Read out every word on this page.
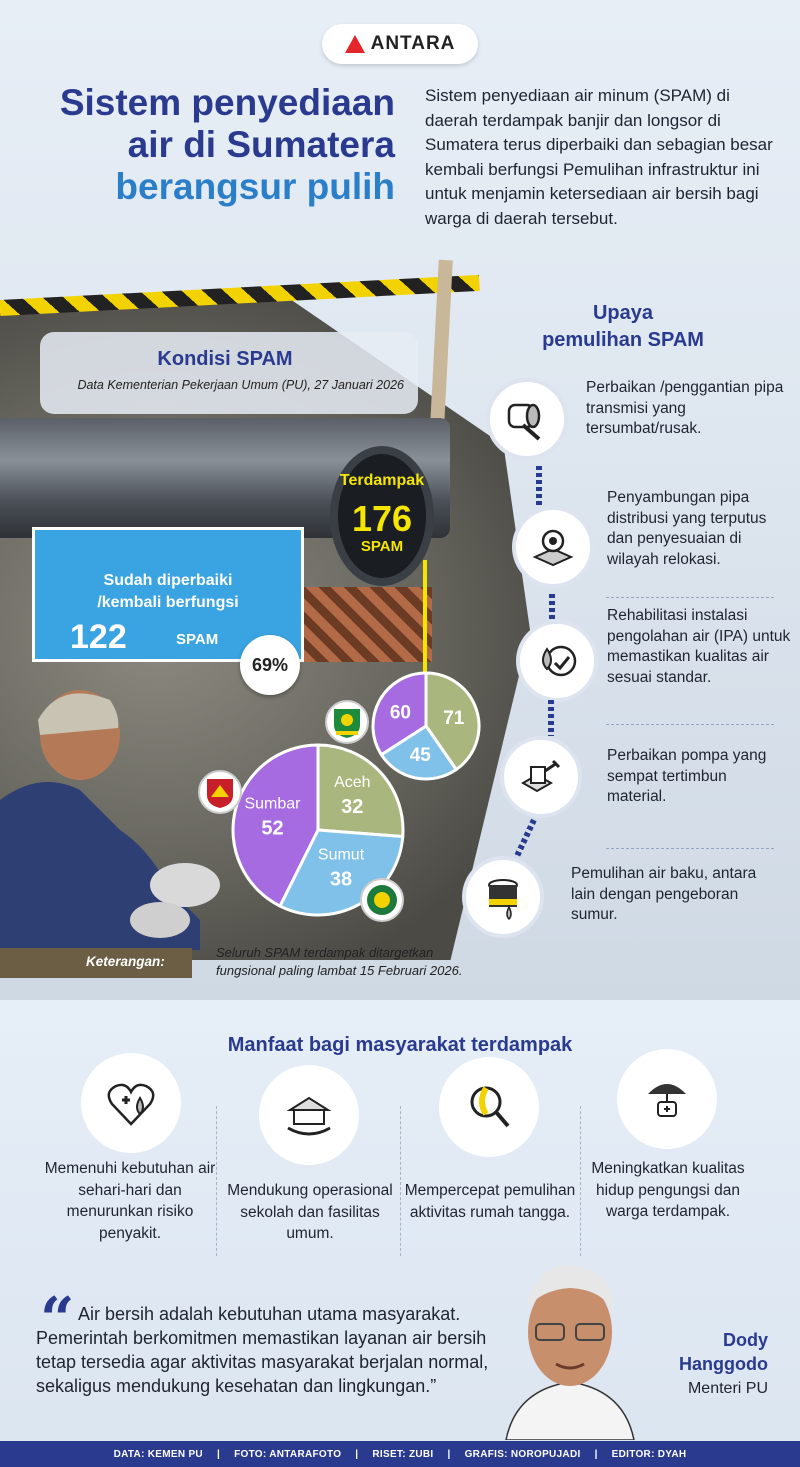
ANTARA
Sistem penyediaan
air di Sumatera
berangsur pulih
Sistem penyediaan air minum (SPAM) di daerah terdampak banjir dan longsor di Sumatera terus diperbaiki dan sebagian besar kembali berfungsi Pemulihan infrastruktur ini untuk menjamin ketersediaan air bersih bagi warga di daerah tersebut.
Kondisi SPAM
Data Kementerian Pekerjaan Umum (PU), 27 Januari 2026
Sudah diperbaiki
/kembali berfungsi
122	SPAM
Terdampak
176
SPAM
69%
71
45
60
Aceh
32
Sumut
38
Sumbar
52
Keterangan:
Seluruh SPAM terdampak ditargetkan fungsional paling lambat 15 Februari 2026.
Upaya
pemulihan SPAM
Perbaikan /penggantian pipa transmisi yang tersumbat/rusak.
Penyambungan pipa distribusi yang terputus dan penyesuaian di wilayah relokasi.
Rehabilitasi instalasi pengolahan air (IPA) untuk memastikan kualitas air sesuai standar.
Perbaikan pompa yang sempat tertimbun material.
Pemulihan air baku, antara lain dengan pengeboran sumur.
Manfaat bagi masyarakat terdampak
Memenuhi kebutuhan air sehari-hari dan menurunkan risiko penyakit.
Mendukung operasional sekolah dan fasilitas umum.
Mempercepat pemulihan aktivitas rumah tangga.
Meningkatkan kualitas hidup pengungsi dan warga terdampak.
“ Air bersih adalah kebutuhan utama masyarakat. Pemerintah berkomitmen memastikan layanan air bersih tetap tersedia agar aktivitas masyarakat berjalan normal, sekaligus mendukung kesehatan dan lingkungan.”
Dody
Hanggodo
Menteri PU
DATA: KEMEN PU | FOTO: ANTARAFOTO | RISET: ZUBI | GRAFIS: NOROPUJADI | EDITOR: DYAH
